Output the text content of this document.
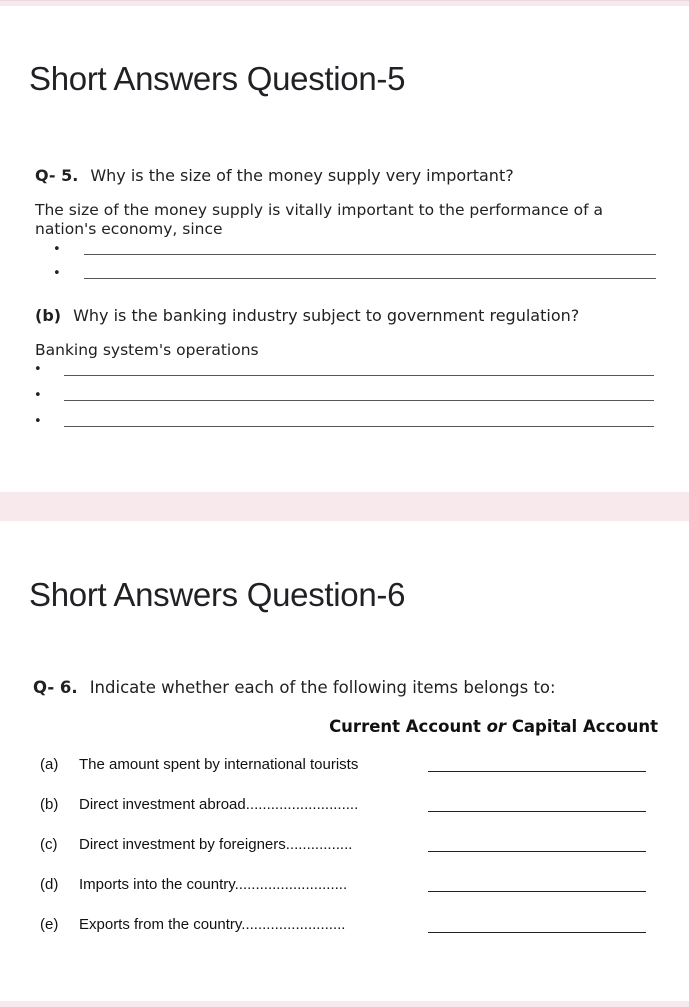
Short Answers Question-5
Q- 5. Why is the size of the money supply very important?
The size of the money supply is vitally important to the performance of a nation's economy, since
•
•
(b) Why is the banking industry subject to government regulation?
Banking system's operations
•
•
•
Short Answers Question-6
Q- 6. Indicate whether each of the following items belongs to:
Current Account or Capital Account
(a) The amount spent by international tourists
(b) Direct investment abroad...........................
(c) Direct investment by foreigners................
(d) Imports into the country...........................
(e) Exports from the country.........................
